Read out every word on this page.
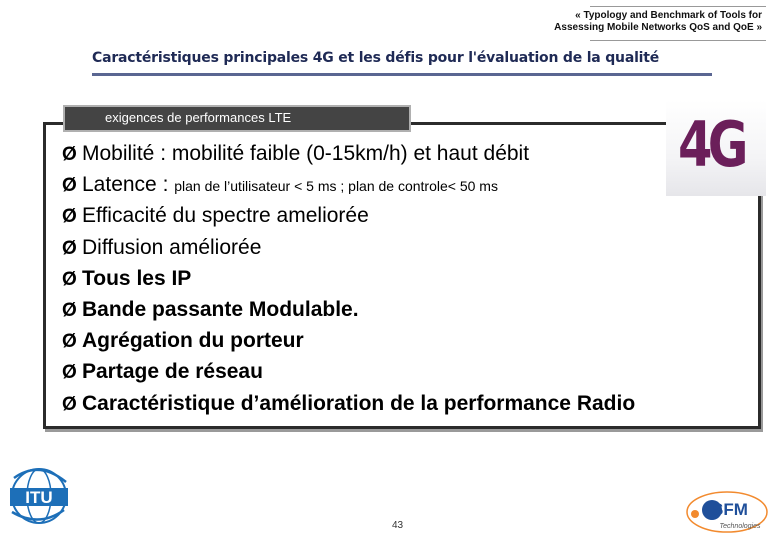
« Typology and Benchmark of Tools for
Assessing Mobile Networks QoS and QoE »
Caractéristiques principales 4G et les défis pour l'évaluation de la qualité
exigences de performances LTE	4G
Ø Mobilité : mobilité faible (0-15km/h) et haut débit
Ø Latence : plan de l’utilisateur < 5 ms ; plan de controle< 50 ms
Ø Efficacité du spectre ameliorée
Ø Diffusion améliorée
Ø Tous les IP
Ø Bande passante Modulable.
Ø Agrégation du porteur
Ø Partage de réseau
Ø Caractéristique d’amélioration de la performance Radio
ITU
43
SFM
Technologies
